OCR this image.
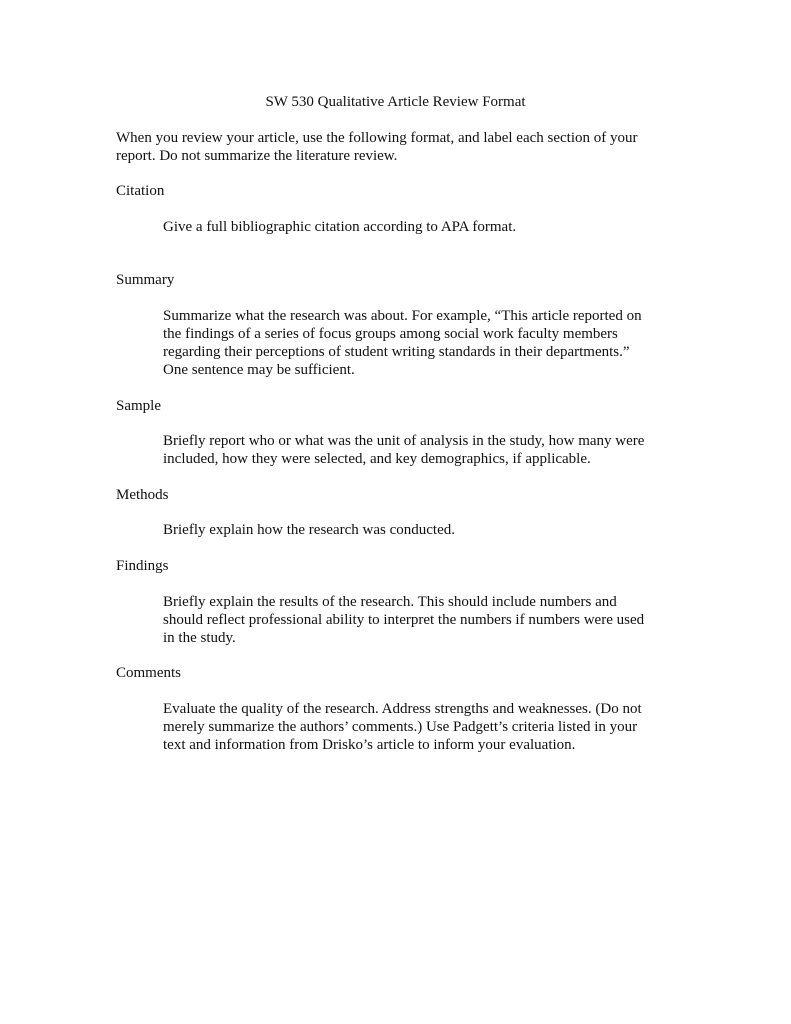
SW 530 Qualitative Article Review Format
When you review your article, use the following format, and label each section of your
report. Do not summarize the literature review.
Citation
Give a full bibliographic citation according to APA format.
Summary
Summarize what the research was about. For example, “This article reported on
the findings of a series of focus groups among social work faculty members
regarding their perceptions of student writing standards in their departments.”
One sentence may be sufficient.
Sample
Briefly report who or what was the unit of analysis in the study, how many were
included, how they were selected, and key demographics, if applicable.
Methods
Briefly explain how the research was conducted.
Findings
Briefly explain the results of the research. This should include numbers and
should reflect professional ability to interpret the numbers if numbers were used
in the study.
Comments
Evaluate the quality of the research. Address strengths and weaknesses. (Do not
merely summarize the authors’ comments.) Use Padgett’s criteria listed in your
text and information from Drisko’s article to inform your evaluation.
